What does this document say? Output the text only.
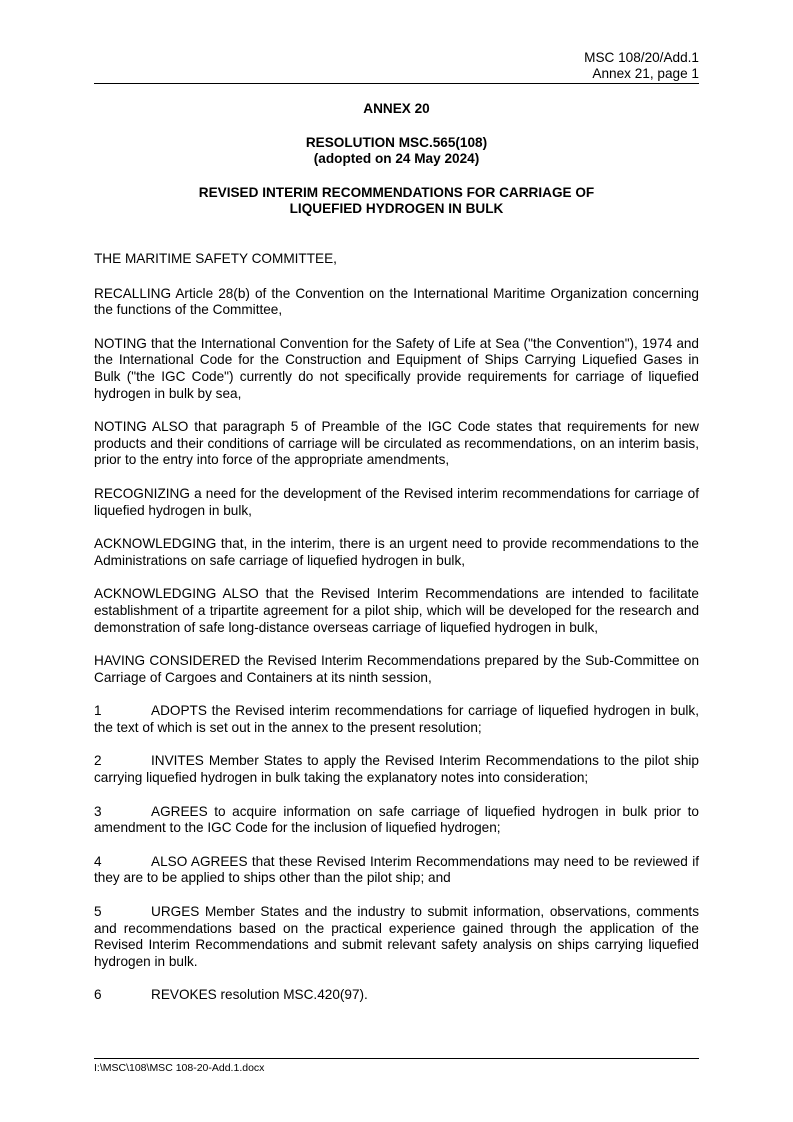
MSC 108/20/Add.1
Annex 21, page 1
ANNEX 20
RESOLUTION MSC.565(108)
(adopted on 24 May 2024)
REVISED INTERIM RECOMMENDATIONS FOR CARRIAGE OF
LIQUEFIED HYDROGEN IN BULK

THE MARITIME SAFETY COMMITTEE,

RECALLING Article 28(b) of the Convention on the International Maritime Organization concerning the functions of the Committee,

NOTING that the International Convention for the Safety of Life at Sea ("the Convention"), 1974 and the International Code for the Construction and Equipment of Ships Carrying Liquefied Gases in Bulk ("the IGC Code") currently do not specifically provide requirements for carriage of liquefied hydrogen in bulk by sea,

NOTING ALSO that paragraph 5 of Preamble of the IGC Code states that requirements for new products and their conditions of carriage will be circulated as recommendations, on an interim basis, prior to the entry into force of the appropriate amendments,

RECOGNIZING a need for the development of the Revised interim recommendations for carriage of liquefied hydrogen in bulk,

ACKNOWLEDGING that, in the interim, there is an urgent need to provide recommendations to the Administrations on safe carriage of liquefied hydrogen in bulk,

ACKNOWLEDGING ALSO that the Revised Interim Recommendations are intended to facilitate establishment of a tripartite agreement for a pilot ship, which will be developed for the research and demonstration of safe long-distance overseas carriage of liquefied hydrogen in bulk,

HAVING CONSIDERED the Revised Interim Recommendations prepared by the Sub-Committee on Carriage of Cargoes and Containers at its ninth session,

1	ADOPTS the Revised interim recommendations for carriage of liquefied hydrogen in bulk, the text of which is set out in the annex to the present resolution;

2	INVITES Member States to apply the Revised Interim Recommendations to the pilot ship carrying liquefied hydrogen in bulk taking the explanatory notes into consideration;

3	AGREES to acquire information on safe carriage of liquefied hydrogen in bulk prior to amendment to the IGC Code for the inclusion of liquefied hydrogen;

4	ALSO AGREES that these Revised Interim Recommendations may need to be reviewed if they are to be applied to ships other than the pilot ship; and

5	URGES Member States and the industry to submit information, observations, comments and recommendations based on the practical experience gained through the application of the Revised Interim Recommendations and submit relevant safety analysis on ships carrying liquefied hydrogen in bulk.

6	REVOKES resolution MSC.420(97).

I:\MSC\108\MSC 108-20-Add.1.docx
